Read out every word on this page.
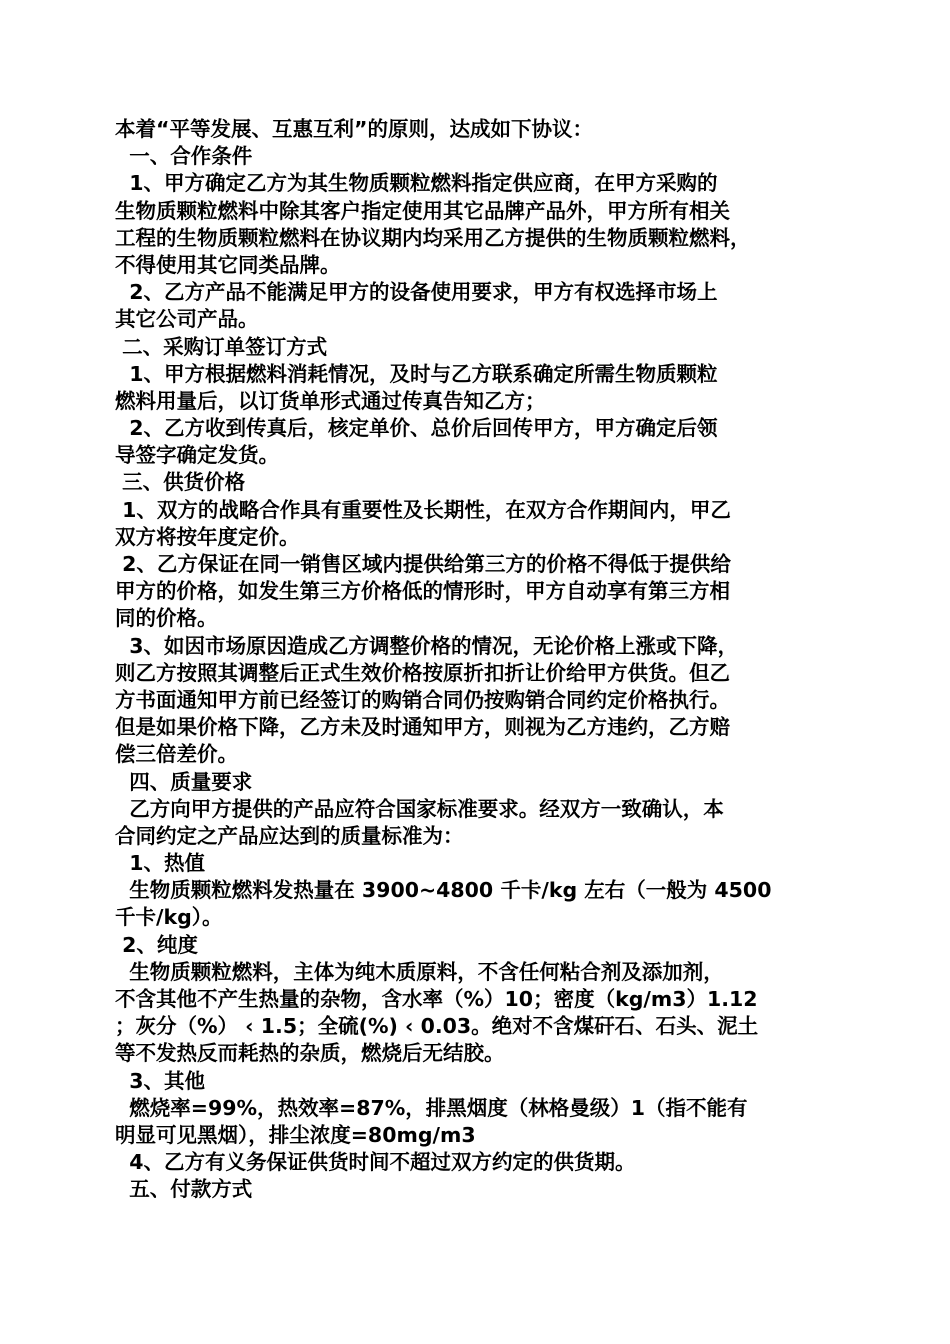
本着“平等发展、互惠互利”的原则，达成如下协议：
一、合作条件
1、甲方确定乙方为其生物质颗粒燃料指定供应商，在甲方采购的
生物质颗粒燃料中除其客户指定使用其它品牌产品外，甲方所有相关
工程的生物质颗粒燃料在协议期内均采用乙方提供的生物质颗粒燃料，
不得使用其它同类品牌。
2、乙方产品不能满足甲方的设备使用要求，甲方有权选择市场上
其它公司产品。
二、采购订单签订方式
1、甲方根据燃料消耗情况，及时与乙方联系确定所需生物质颗粒
燃料用量后，以订货单形式通过传真告知乙方；
2、乙方收到传真后，核定单价、总价后回传甲方，甲方确定后领
导签字确定发货。
三、供货价格
1、双方的战略合作具有重要性及长期性，在双方合作期间内，甲乙
双方将按年度定价。
2、乙方保证在同一销售区域内提供给第三方的价格不得低于提供给
甲方的价格，如发生第三方价格低的情形时，甲方自动享有第三方相
同的价格。
3、如因市场原因造成乙方调整价格的情况，无论价格上涨或下降，
则乙方按照其调整后正式生效价格按原折扣折让价给甲方供货。但乙
方书面通知甲方前已经签订的购销合同仍按购销合同约定价格执行。
但是如果价格下降，乙方未及时通知甲方，则视为乙方违约，乙方赔
偿三倍差价。
四、质量要求
乙方向甲方提供的产品应符合国家标准要求。经双方一致确认，本
合同约定之产品应达到的质量标准为：
1、热值
生物质颗粒燃料发热量在 3900~4800 千卡/kg 左右（一般为 4500
千卡/kg）。
2、纯度
生物质颗粒燃料，主体为纯木质原料，不含任何粘合剂及添加剂，
不含其他不产生热量的杂物，含水率（%）10；密度（kg/m3）1.12
；灰分（%） ‹ 1.5；全硫(%) ‹ 0.03。绝对不含煤矸石、石头、泥土
等不发热反而耗热的杂质，燃烧后无结胶。
3、其他
燃烧率=99%，热效率=87%，排黑烟度（林格曼级）1（指不能有
明显可见黑烟），排尘浓度=80mg/m3
4、乙方有义务保证供货时间不超过双方约定的供货期。
五、付款方式
